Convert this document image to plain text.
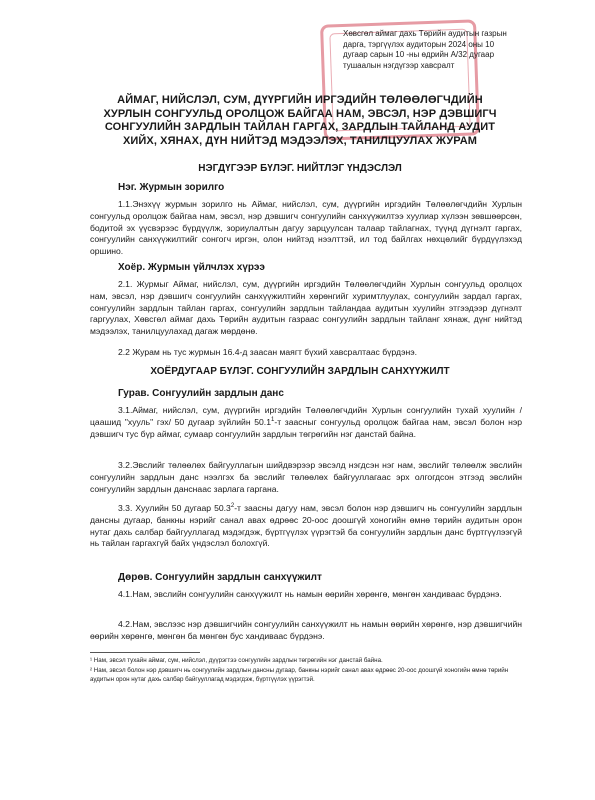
Хөвсгөл аймаг дахь Төрийн аудитын газрын
дарга, тэргүүлэх аудиторын 2024 оны 10
дугаар сарын 10 -ны өдрийн А/32 дугаар
тушаалын нэгдүгээр хавсралт
АЙМАГ, НИЙСЛЭЛ, СУМ, ДҮҮРГИЙН ИРГЭДИЙН ТӨЛӨӨЛӨГЧДИЙН
ХУРЛЫН СОНГУУЛЬД ОРОЛЦОЖ БАЙГАА НАМ, ЭВСЭЛ, НЭР ДЭВШИГЧ
СОНГУУЛИЙН ЗАРДЛЫН ТАЙЛАН ГАРГАХ, ЗАРДЛЫН ТАЙЛАНД АУДИТ
ХИЙХ, ХЯНАХ, ДҮН НИЙТЭД МЭДЭЭЛЭХ, ТАНИЛЦУУЛАХ ЖУРАМ
НЭГДҮГЭЭР БҮЛЭГ. НИЙТЛЭГ ҮНДЭСЛЭЛ
Нэг. Журмын зорилго
1.1.Энэхүү журмын зорилго нь Аймаг, нийслэл, сум, дүүргийн иргэдийн Төлөөлөгчдийн Хурлын сонгуульд оролцож байгаа нам, эвсэл, нэр дэвшигч сонгуулийн санхүүжилтээ хуулиар хүлээн зөвшөөрсөн, бодитой эх үүсвэрээс бүрдүүлж, зориулалтын дагуу зарцуулсан талаар тайлагнах, түүнд дүгнэлт гаргах, сонгуулийн санхүүжилтийг сонгогч иргэн, олон нийтэд нээлттэй, ил тод байлгах нөхцөлийг бүрдүүлэхэд оршино.
Хоёр. Журмын үйлчлэх хүрээ
2.1. Журмыг Аймаг, нийслэл, сум, дүүргийн иргэдийн Төлөөлөгчдийн Хурлын сонгуульд оролцох нам, эвсэл, нэр дэвшигч сонгуулийн санхүүжилтийн хөрөнгийг хуримтлуулах, сонгуулийн зардал гаргах, сонгуулийн зардлын тайлан гаргах, сонгуулийн зардлын тайландаа аудитын хуулийн этгээдээр дүгнэлт гаргуулах, Хөвсгөл аймаг дахь Төрийн аудитын газраас сонгуулийн зардлын тайланг хянаж, дүнг нийтэд мэдээлэх, танилцуулахад дагаж мөрдөнө.
2.2 Журам нь тус журмын 16.4-д заасан маягт бүхий хавсралтаас бүрдэнэ.
ХОЁРДУГААР БҮЛЭГ. СОНГУУЛИЙН ЗАРДЛЫН САНХҮҮЖИЛТ
Гурав. Сонгуулийн зардлын данс
3.1.Аймаг, нийслэл, сум, дүүргийн иргэдийн Төлөөлөгчдийн Хурлын сонгуулийн тухай хуулийн /цаашид "хууль" гэх/ 50 дугаар зүйлийн 50.1$^1$-т заасныг сонгуульд оролцож байгаа нам, эвсэл болон нэр дэвшигч тус бүр аймаг, сумаар сонгуулийн зардлын төгрөгийн нэг данстай байна.
3.2.Эвслийг төлөөлөх байгууллагын шийдвэрээр эвсэлд нэгдсэн нэг нам, эвслийг төлөөлж эвслийн сонгуулийн зардлын данс нээлгэх ба эвслийг төлөөлөх байгууллагаас эрх олгогдсон этгээд эвслийн сонгуулийн зардлын данснаас зарлага гаргана.
3.3. Хуулийн 50 дугаар 50.3$^2$-т заасны дагуу нам, эвсэл болон нэр дэвшигч нь сонгуулийн зардлын дансны дугаар, банкны нэрийг санал авах өдрөөс 20-оос доошгүй хоногийн өмнө төрийн аудитын орон нутаг дахь салбар байгууллагад мэдэгдэж, бүртгүүлэх үүрэгтэй ба сонгуулийн зардлын данс бүртгүүлээгүй нь тайлан гаргахгүй байх үндэслэл болохгүй.
Дөрөв. Сонгуулийн зардлын санхүүжилт
4.1.Нам, эвслийн сонгуулийн санхүүжилт нь намын өөрийн хөрөнгө, мөнгөн хандиваас бүрдэнэ.
4.2.Нам, эвслээс нэр дэвшигчийн сонгуулийн санхүүжилт нь намын өөрийн хөрөнгө, нэр дэвшигчийн өөрийн хөрөнгө, мөнгөн ба мөнгөн бус хандиваас бүрдэнэ.
¹ Нам, эвсэл тухайн аймаг, сум, нийслэл, дүүрэгтээ сонгуулийн зардлын төгрөгийн нэг данстай байна.
² Нам, эвсэл болон нэр дэвшигч нь сонгуулийн зардлын дансны дугаар, банкны нэрийг санал авах өдрөөс 20-оос доошгүй хоногийн өмнө төрийн аудитын орон нутаг дахь салбар байгууллагад мэдэгдэж, бүртгүүлэх үүрэгтэй.
